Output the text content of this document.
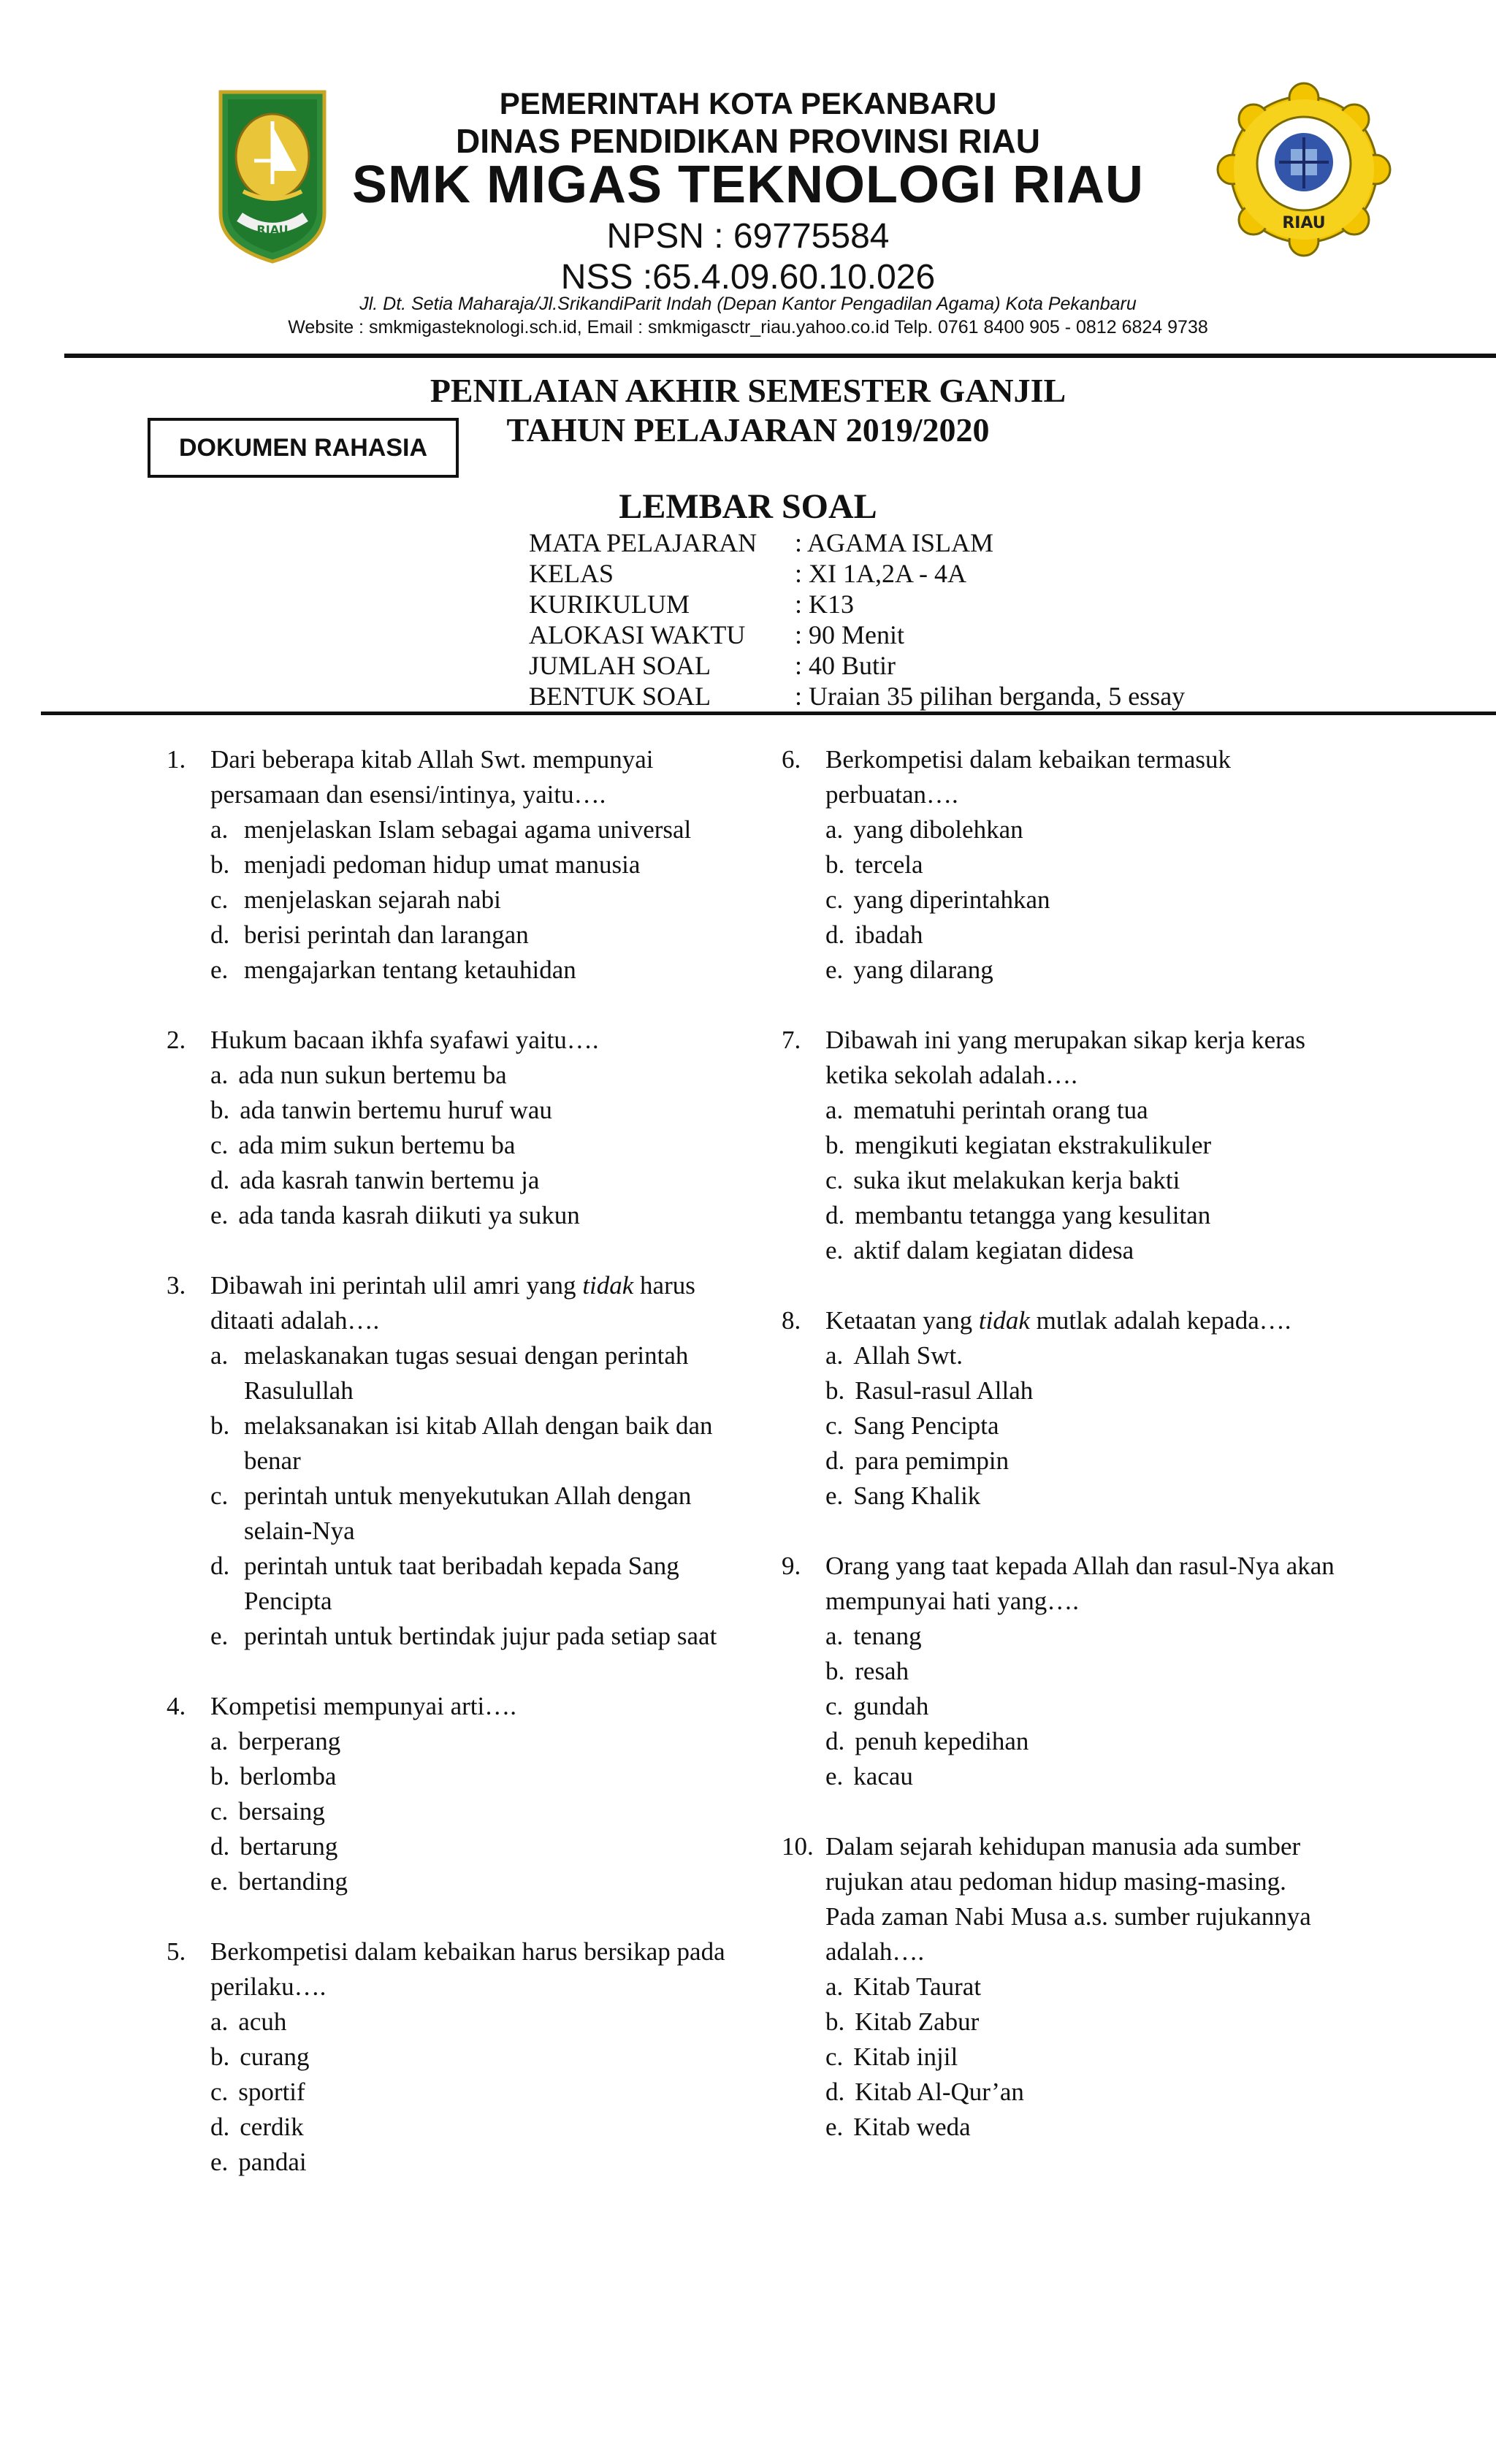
RIAU	RIAU
PEMERINTAH KOTA PEKANBARU
DINAS PENDIDIKAN PROVINSI RIAU
SMK MIGAS TEKNOLOGI RIAU
NPSN : 69775584
NSS :65.4.09.60.10.026
Jl. Dt. Setia Maharaja/Jl.SrikandiParit Indah (Depan Kantor Pengadilan Agama) Kota Pekanbaru
Website : smkmigasteknologi.sch.id, Email : smkmigasctr_riau.yahoo.co.id Telp. 0761 8400 905 - 0812 6824 9738
PENILAIAN AKHIR SEMESTER GANJIL
TAHUN PELAJARAN 2019/2020
DOKUMEN RAHASIA
LEMBAR SOAL
MATA PELAJARAN : AGAMA ISLAM
KELAS	: XI 1A,2A - 4A
KURIKULUM	: K13
ALOKASI WAKTU : 90 Menit
JUMLAH SOAL	: 40 Butir
BENTUK SOAL	: Uraian 35 pilihan berganda, 5 essay
1. Dari beberapa kitab Allah Swt. mempunyai persamaan dan esensi/intinya, yaitu….
a. menjelaskan Islam sebagai agama universal
b. menjadi pedoman hidup umat manusia
c. menjelaskan sejarah nabi
d. berisi perintah dan larangan
e. mengajarkan tentang ketauhidan
2. Hukum bacaan ikhfa syafawi yaitu….
a. ada nun sukun bertemu ba
b. ada tanwin bertemu huruf wau
c. ada mim sukun bertemu ba
d. ada kasrah tanwin bertemu ja
e. ada tanda kasrah diikuti ya sukun
3. Dibawah ini perintah ulil amri yang tidak harus ditaati adalah….
a. melaskanakan tugas sesuai dengan perintah Rasulullah
b. melaksanakan isi kitab Allah dengan baik dan benar
c. perintah untuk menyekutukan Allah dengan selain-Nya
d. perintah untuk taat beribadah kepada Sang Pencipta
e. perintah untuk bertindak jujur pada setiap saat
4. Kompetisi mempunyai arti….
a. berperang
b. berlomba
c. bersaing
d. bertarung
e. bertanding
5. Berkompetisi dalam kebaikan harus bersikap pada perilaku….
a. acuh
b. curang
c. sportif
d. cerdik
e. pandai
6. Berkompetisi dalam kebaikan termasuk perbuatan….
a. yang dibolehkan
b. tercela
c. yang diperintahkan
d. ibadah
e. yang dilarang
7. Dibawah ini yang merupakan sikap kerja keras ketika sekolah adalah….
a. mematuhi perintah orang tua
b. mengikuti kegiatan ekstrakulikuler
c. suka ikut melakukan kerja bakti
d. membantu tetangga yang kesulitan
e. aktif dalam kegiatan didesa
8. Ketaatan yang tidak mutlak adalah kepada….
a. Allah Swt.
b. Rasul-rasul Allah
c. Sang Pencipta
d. para pemimpin
e. Sang Khalik
9. Orang yang taat kepada Allah dan rasul-Nya akan mempunyai hati yang….
a. tenang
b. resah
c. gundah
d. penuh kepedihan
e. kacau
10. Dalam sejarah kehidupan manusia ada sumber rujukan atau pedoman hidup masing-masing. Pada zaman Nabi Musa a.s. sumber rujukannya adalah….
a. Kitab Taurat
b. Kitab Zabur
c. Kitab injil
d. Kitab Al-Qur’an
e. Kitab weda
